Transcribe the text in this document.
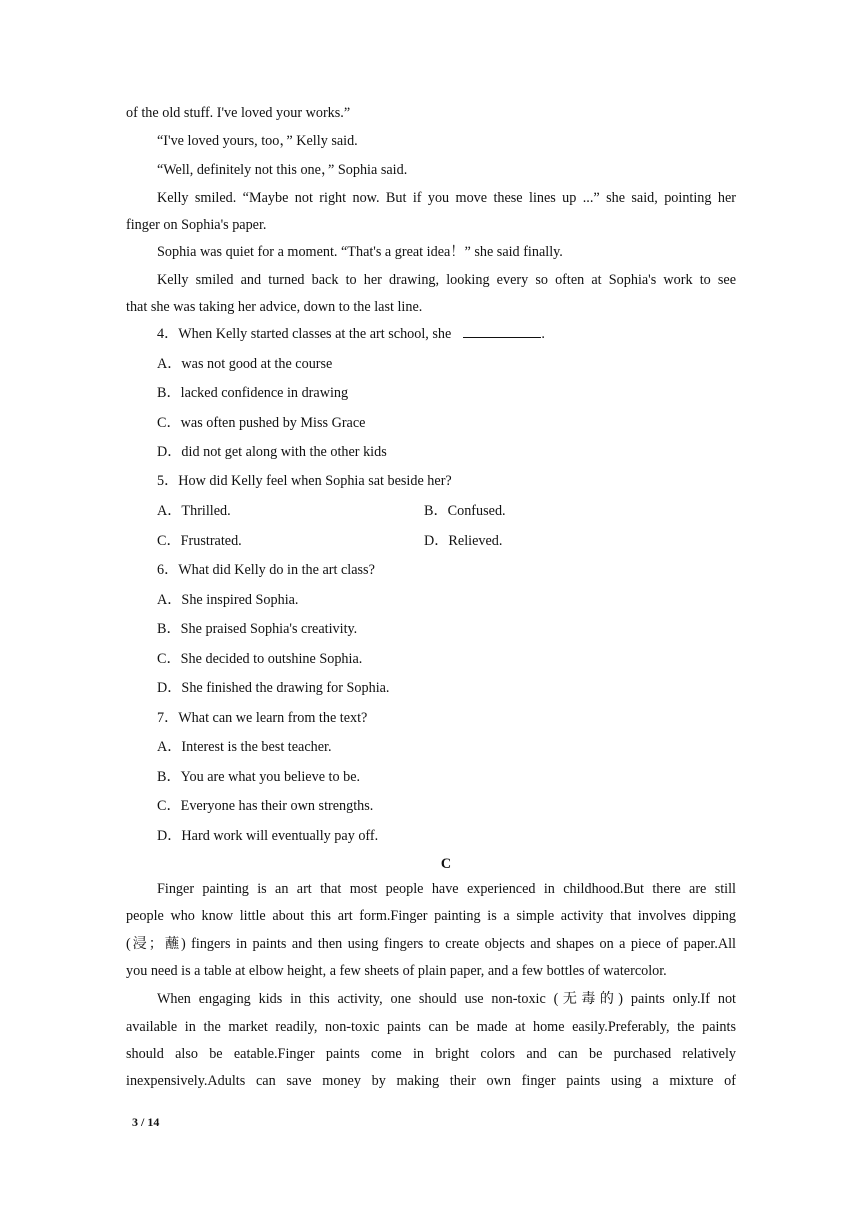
of the old stuff. I've loved your works.”
“I've loved yours, too，” Kelly said.
“Well, definitely not this one，” Sophia said.
Kelly smiled. “Maybe not right now. But if you move these lines up ...” she said, pointing her
finger on Sophia's paper.
Sophia was quiet for a moment. “That's a great idea！” she said finally.
Kelly smiled and turned back to her drawing, looking every so often at Sophia's work to see
that she was taking her advice, down to the last line.
4．When Kelly started classes at the art school, she	.
A．was not good at the course
B．lacked confidence in drawing
C．was often pushed by Miss Grace
D．did not get along with the other kids
5．How did Kelly feel when Sophia sat beside her?
A．Thrilled.	B．Confused.
C．Frustrated.	D．Relieved.
6．What did Kelly do in the art class?
A．She inspired Sophia.
B．She praised Sophia's creativity.
C．She decided to outshine Sophia.
D．She finished the drawing for Sophia.
7．What can we learn from the text?
A．Interest is the best teacher.
B．You are what you believe to be.
C．Everyone has their own strengths.
D．Hard work will eventually pay off.
C
Finger painting is an art that most people have experienced in childhood.But there are still
people who know little about this art form.Finger painting is a simple activity that involves dipping
(浸；蘸) fingers in paints and then using fingers to create objects and shapes on a piece of paper.All
you need is a table at elbow height, a few sheets of plain paper, and a few bottles of watercolor.
When engaging kids in this activity, one should use non-toxic (无毒的) paints only.If not
available in the market readily, non-toxic paints can be made at home easily.Preferably, the paints
should also be eatable.Finger paints come in bright colors and can be purchased relatively
inexpensively.Adults can save money by making their own finger paints using a mixture of
3 / 14
